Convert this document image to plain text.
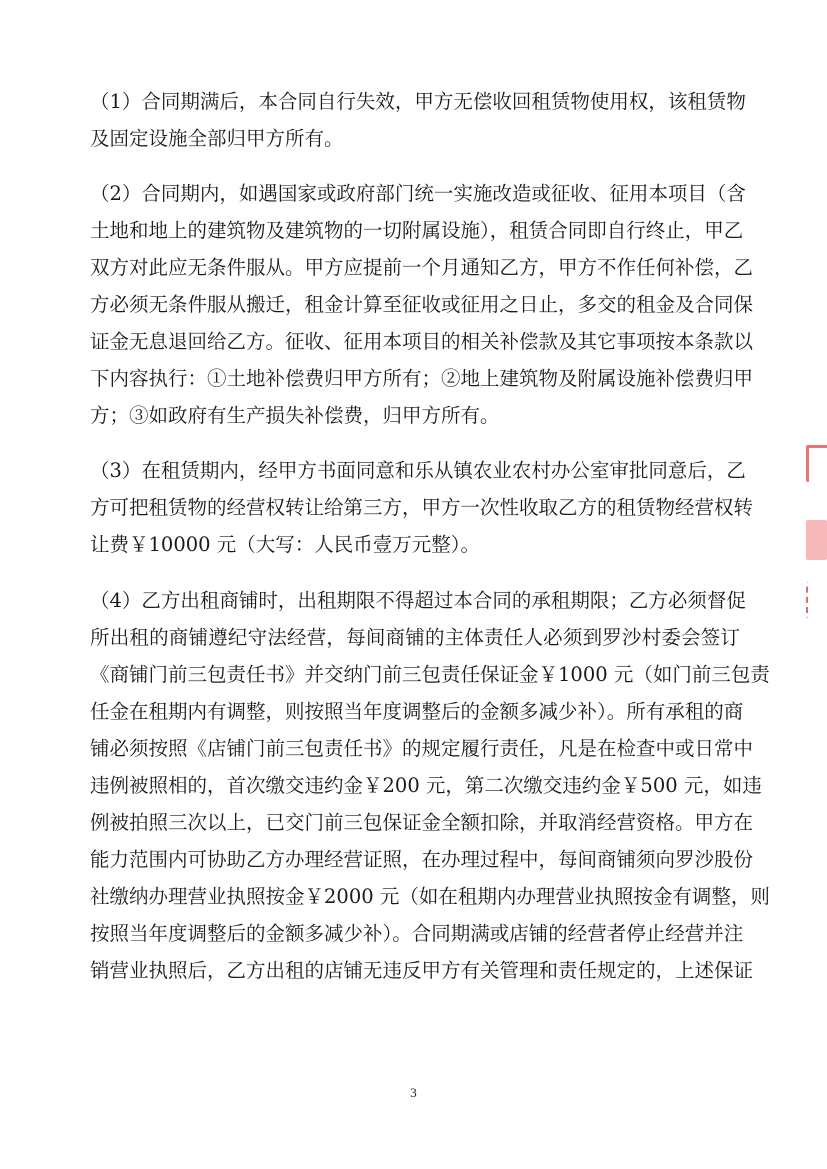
（1）合同期满后，本合同自行失效，甲方无偿收回租赁物使用权，该租赁物
及固定设施全部归甲方所有。
（2）合同期内，如遇国家或政府部门统一实施改造或征收、征用本项目（含
土地和地上的建筑物及建筑物的一切附属设施），租赁合同即自行终止，甲乙
双方对此应无条件服从。甲方应提前一个月通知乙方，甲方不作任何补偿，乙
方必须无条件服从搬迁，租金计算至征收或征用之日止，多交的租金及合同保
证金无息退回给乙方。征收、征用本项目的相关补偿款及其它事项按本条款以
下内容执行：①土地补偿费归甲方所有；②地上建筑物及附属设施补偿费归甲
方；③如政府有生产损失补偿费，归甲方所有。
（3）在租赁期内，经甲方书面同意和乐从镇农业农村办公室审批同意后，乙
方可把租赁物的经营权转让给第三方，甲方一次性收取乙方的租赁物经营权转
让费￥10000 元（大写：人民币壹万元整）。
（4）乙方出租商铺时，出租期限不得超过本合同的承租期限；乙方必须督促
所出租的商铺遵纪守法经营，每间商铺的主体责任人必须到罗沙村委会签订
《商铺门前三包责任书》并交纳门前三包责任保证金￥1000 元（如门前三包责
任金在租期内有调整，则按照当年度调整后的金额多减少补）。所有承租的商
铺必须按照《店铺门前三包责任书》的规定履行责任，凡是在检查中或日常中
违例被照相的，首次缴交违约金￥200 元，第二次缴交违约金￥500 元，如违
例被拍照三次以上，已交门前三包保证金全额扣除，并取消经营资格。甲方在
能力范围内可协助乙方办理经营证照，在办理过程中，每间商铺须向罗沙股份
社缴纳办理营业执照按金￥2000 元（如在租期内办理营业执照按金有调整，则
按照当年度调整后的金额多减少补）。合同期满或店铺的经营者停止经营并注
销营业执照后，乙方出租的店铺无违反甲方有关管理和责任规定的，上述保证
3
